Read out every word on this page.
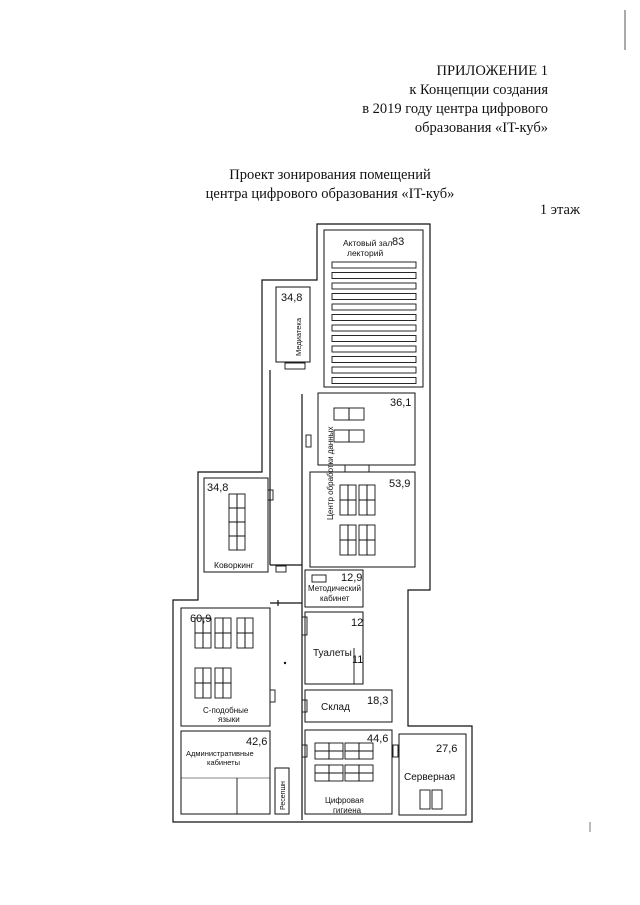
ПРИЛОЖЕНИЕ 1
к Концепции создания
в 2019 году центра цифрового
образования «IT-куб»
Проект зонирования помещений
центра цифрового образования «IT-куб»
1 этаж
Актовый зал 83
лекторий
34,8
Медиатека
36,1
53,9
Центр обработки данных
34,8
Коворкинг
12,9
Методический
кабинет
60,9
С-подобные
языки
12
Туалеты
11
Склад
18,3
42,6
Административные
кабинеты
Ресепшн
44,6
Цифровая
гигиена
27,6
Серверная
